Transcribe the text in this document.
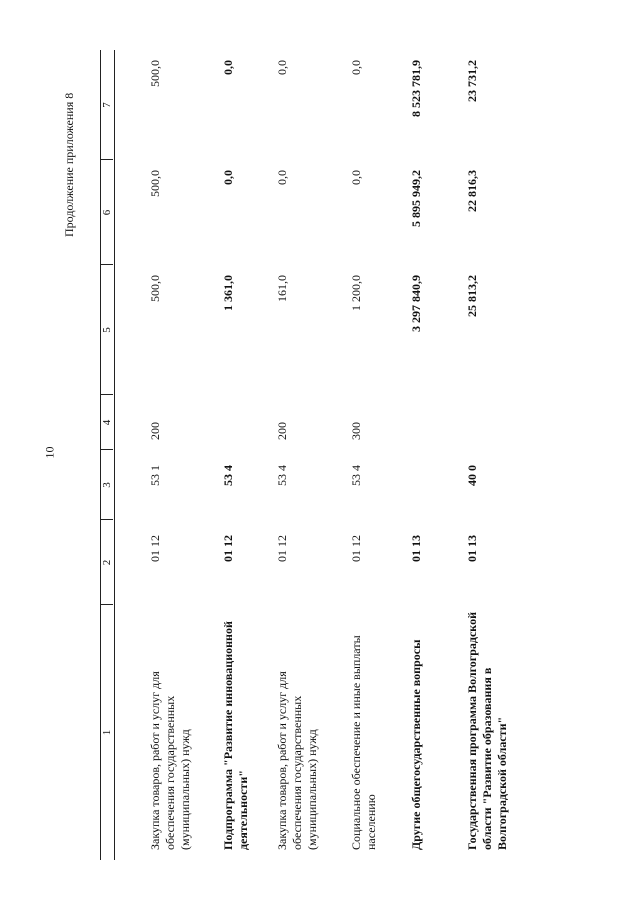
10
Продолжение приложения 8
1
2
3
4
5
6
7
Закупка товаров, работ и услуг для обеспечения государственных (муниципальных) нужд
01 12
53 1
200
500,0
500,0
500,0
Подпрограмма "Развитие инновационной деятельности"
01 12
53 4
1 361,0
0,0
0,0
Закупка товаров, работ и услуг для обеспечения государственных (муниципальных) нужд
01 12
53 4
200
161,0
0,0
0,0
Социальное обеспечение и иные выплаты населению
01 12
53 4
300
1 200,0
0,0
0,0
Другие общегосударственные вопросы
01 13
3 297 840,9
5 895 949,2
8 523 781,9
Государственная программа Волгоградской области "Развитие образования в Волгоградской области"
01 13
40 0
25 813,2
22 816,3
23 731,2
